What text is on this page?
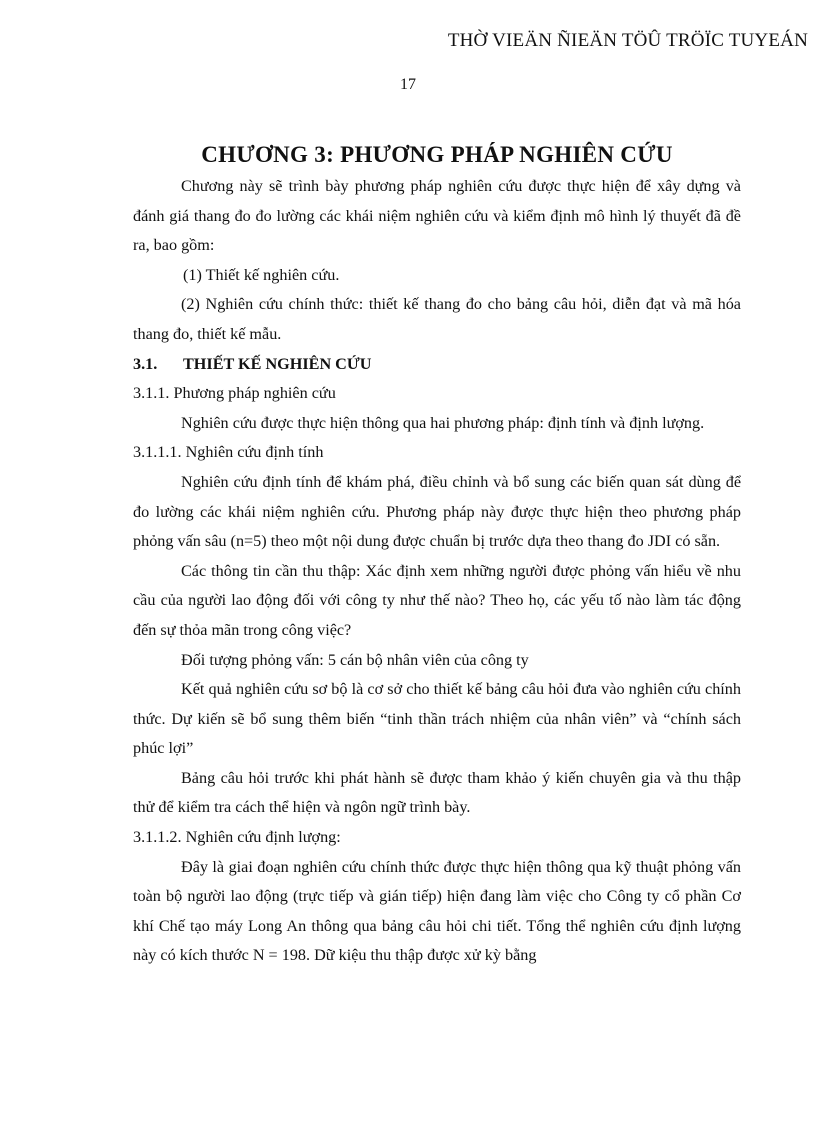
THỜ VIEÄN ÑIEÄN TÖÛ TRÖÏC TUYEÁN
17
CHƯƠNG 3: PHƯƠNG PHÁP NGHIÊN CỨU

Chương này sẽ trình bày phương pháp nghiên cứu được thực hiện để xây dựng và đánh giá thang đo đo lường các khái niệm nghiên cứu và kiểm định mô hình lý thuyết đã đề ra, bao gồm:

(1) Thiết kế nghiên cứu.

(2) Nghiên cứu chính thức: thiết kế thang đo cho bảng câu hỏi, diễn đạt và mã hóa thang đo, thiết kế mẫu.

3.1.	THIẾT KẾ NGHIÊN CỨU

3.1.1. Phương pháp nghiên cứu

Nghiên cứu được thực hiện thông qua hai phương pháp: định tính và định lượng.

3.1.1.1. Nghiên cứu định tính

Nghiên cứu định tính để khám phá, điều chỉnh và bổ sung các biến quan sát dùng để đo lường các khái niệm nghiên cứu. Phương pháp này được thực hiện theo phương pháp phỏng vấn sâu (n=5) theo một nội dung được chuẩn bị trước dựa theo thang đo JDI có sẵn.

Các thông tin cần thu thập: Xác định xem những người được phỏng vấn hiểu về nhu cầu của người lao động đối với công ty như thế nào? Theo họ, các yếu tố nào làm tác động đến sự thỏa mãn trong công việc?

Đối tượng phỏng vấn: 5 cán bộ nhân viên của công ty

Kết quả nghiên cứu sơ bộ là cơ sở cho thiết kế bảng câu hỏi đưa vào nghiên cứu chính thức. Dự kiến sẽ bổ sung thêm biến “tinh thần trách nhiệm của nhân viên” và “chính sách phúc lợi”

Bảng câu hỏi trước khi phát hành sẽ được tham khảo ý kiến chuyên gia và thu thập thử để kiểm tra cách thể hiện và ngôn ngữ trình bày.

3.1.1.2. Nghiên cứu định lượng:

Đây là giai đoạn nghiên cứu chính thức được thực hiện thông qua kỹ thuật phỏng vấn toàn bộ người lao động (trực tiếp và gián tiếp) hiện đang làm việc cho Công ty cổ phần Cơ khí Chế tạo máy Long An thông qua bảng câu hỏi chi tiết. Tổng thể nghiên cứu định lượng này có kích thước N = 198. Dữ kiệu thu thập được xử kỳ bằng
